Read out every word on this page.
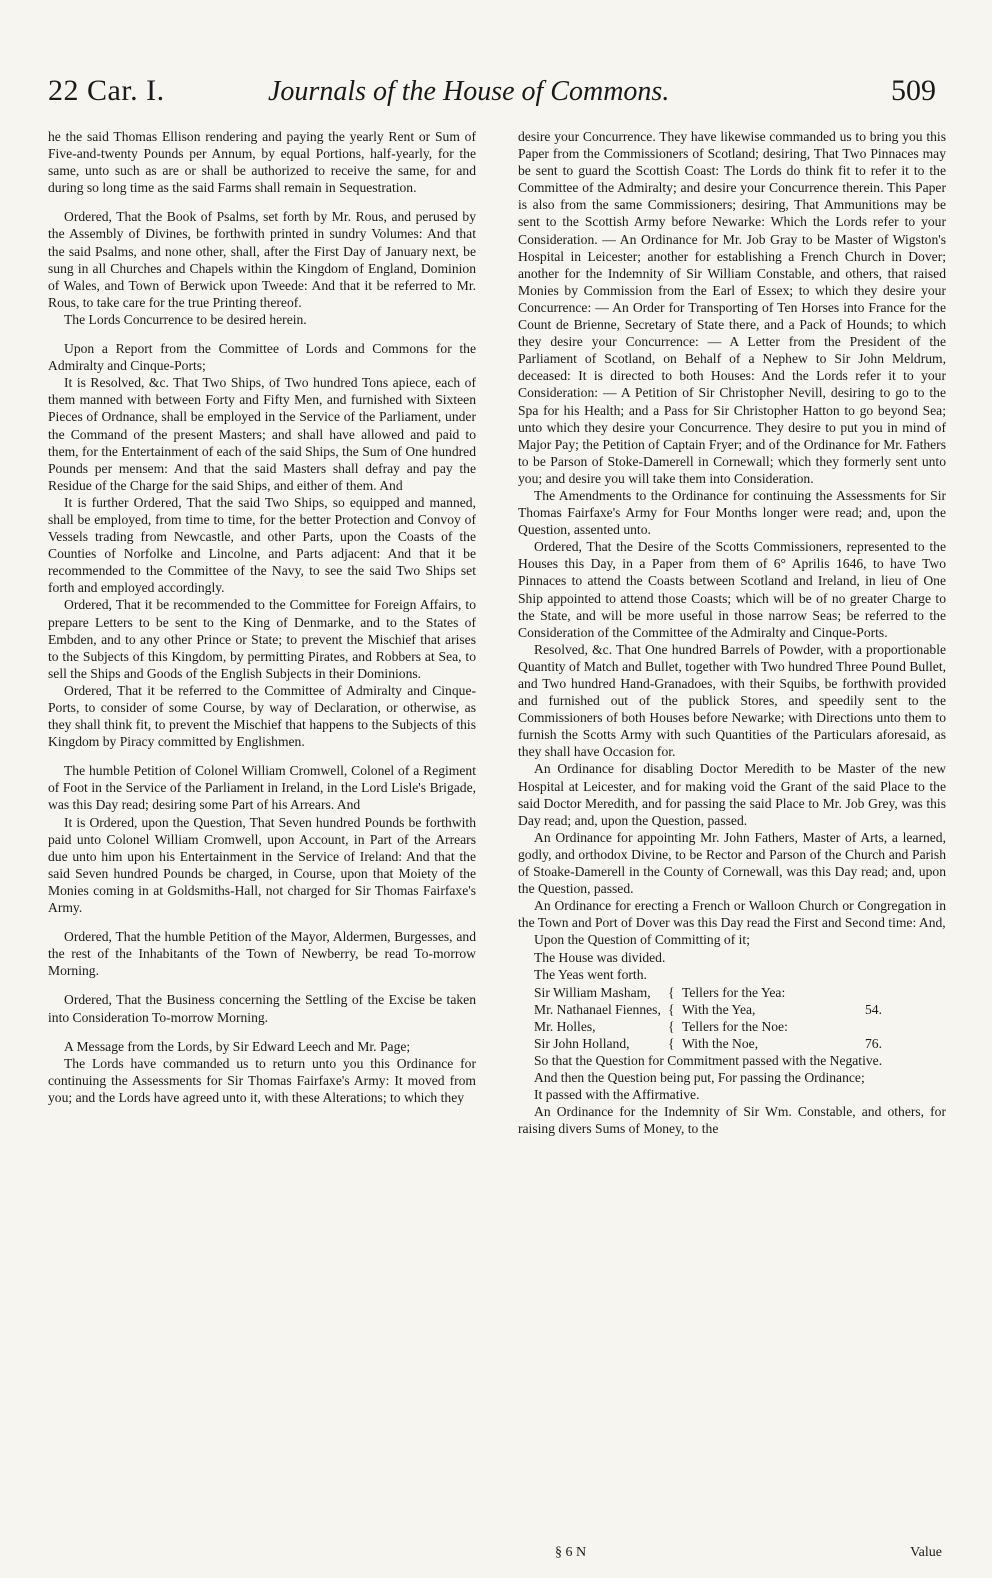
22 Car. I.	Journals of the House of Commons.	509

he the said Thomas Ellison rendering and paying the yearly Rent or Sum of Five-and-twenty Pounds per Annum, by equal Portions, half-yearly, for the same, unto such as are or shall be authorized to receive the same, for and during so long time as the said Farms shall remain in Sequestration.

Ordered, That the Book of Psalms, set forth by Mr. Rous, and perused by the Assembly of Divines, be forthwith printed in sundry Volumes: And that the said Psalms, and none other, shall, after the First Day of January next, be sung in all Churches and Chapels within the Kingdom of England, Dominion of Wales, and Town of Berwick upon Tweede: And that it be referred to Mr. Rous, to take care for the true Printing thereof.

The Lords Concurrence to be desired herein.

Upon a Report from the Committee of Lords and Commons for the Admiralty and Cinque-Ports;

It is Resolved, &c. That Two Ships, of Two hundred Tons apiece, each of them manned with between Forty and Fifty Men, and furnished with Sixteen Pieces of Ordnance, shall be employed in the Service of the Parliament, under the Command of the present Masters; and shall have allowed and paid to them, for the Entertainment of each of the said Ships, the Sum of One hundred Pounds per mensem: And that the said Masters shall defray and pay the Residue of the Charge for the said Ships, and either of them. And

It is further Ordered, That the said Two Ships, so equipped and manned, shall be employed, from time to time, for the better Protection and Convoy of Vessels trading from Newcastle, and other Parts, upon the Coasts of the Counties of Norfolke and Lincolne, and Parts adjacent: And that it be recommended to the Committee of the Navy, to see the said Two Ships set forth and employed accordingly.

Ordered, That it be recommended to the Committee for Foreign Affairs, to prepare Letters to be sent to the King of Denmarke, and to the States of Embden, and to any other Prince or State; to prevent the Mischief that arises to the Subjects of this Kingdom, by permitting Pirates, and Robbers at Sea, to sell the Ships and Goods of the English Subjects in their Dominions.

Ordered, That it be referred to the Committee of Admiralty and Cinque-Ports, to consider of some Course, by way of Declaration, or otherwise, as they shall think fit, to prevent the Mischief that happens to the Subjects of this Kingdom by Piracy committed by Englishmen.

The humble Petition of Colonel William Cromwell, Colonel of a Regiment of Foot in the Service of the Parliament in Ireland, in the Lord Lisle's Brigade, was this Day read; desiring some Part of his Arrears. And

It is Ordered, upon the Question, That Seven hundred Pounds be forthwith paid unto Colonel William Cromwell, upon Account, in Part of the Arrears due unto him upon his Entertainment in the Service of Ireland: And that the said Seven hundred Pounds be charged, in Course, upon that Moiety of the Monies coming in at Goldsmiths-Hall, not charged for Sir Thomas Fairfaxe's Army.

Ordered, That the humble Petition of the Mayor, Aldermen, Burgesses, and the rest of the Inhabitants of the Town of Newberry, be read To-morrow Morning.

Ordered, That the Business concerning the Settling of the Excise be taken into Consideration To-morrow Morning.

A Message from the Lords, by Sir Edward Leech and Mr. Page;

The Lords have commanded us to return unto you this Ordinance for continuing the Assessments for Sir Thomas Fairfaxe's Army: It moved from you; and the Lords have agreed unto it, with these Alterations; to which they

desire your Concurrence. They have likewise commanded us to bring you this Paper from the Commissioners of Scotland; desiring, That Two Pinnaces may be sent to guard the Scottish Coast: The Lords do think fit to refer it to the Committee of the Admiralty; and desire your Concurrence therein. This Paper is also from the same Commissioners; desiring, That Ammunitions may be sent to the Scottish Army before Newarke: Which the Lords refer to your Consideration. — An Ordinance for Mr. Job Gray to be Master of Wigston's Hospital in Leicester; another for establishing a French Church in Dover; another for the Indemnity of Sir William Constable, and others, that raised Monies by Commission from the Earl of Essex; to which they desire your Concurrence: — An Order for Transporting of Ten Horses into France for the Count de Brienne, Secretary of State there, and a Pack of Hounds; to which they desire your Concurrence: — A Letter from the President of the Parliament of Scotland, on Behalf of a Nephew to Sir John Meldrum, deceased: It is directed to both Houses: And the Lords refer it to your Consideration: — A Petition of Sir Christopher Nevill, desiring to go to the Spa for his Health; and a Pass for Sir Christopher Hatton to go beyond Sea; unto which they desire your Concurrence. They desire to put you in mind of Major Pay; the Petition of Captain Fryer; and of the Ordinance for Mr. Fathers to be Parson of Stoke-Damerell in Cornewall; which they formerly sent unto you; and desire you will take them into Consideration.

The Amendments to the Ordinance for continuing the Assessments for Sir Thomas Fairfaxe's Army for Four Months longer were read; and, upon the Question, assented unto.

Ordered, That the Desire of the Scotts Commissioners, represented to the Houses this Day, in a Paper from them of 6° Aprilis 1646, to have Two Pinnaces to attend the Coasts between Scotland and Ireland, in lieu of One Ship appointed to attend those Coasts; which will be of no greater Charge to the State, and will be more useful in those narrow Seas; be referred to the Consideration of the Committee of the Admiralty and Cinque-Ports.

Resolved, &c. That One hundred Barrels of Powder, with a proportionable Quantity of Match and Bullet, together with Two hundred Three Pound Bullet, and Two hundred Hand-Granadoes, with their Squibs, be forthwith provided and furnished out of the publick Stores, and speedily sent to the Commissioners of both Houses before Newarke; with Directions unto them to furnish the Scotts Army with such Quantities of the Particulars aforesaid, as they shall have Occasion for.

An Ordinance for disabling Doctor Meredith to be Master of the new Hospital at Leicester, and for making void the Grant of the said Place to the said Doctor Meredith, and for passing the said Place to Mr. Job Grey, was this Day read; and, upon the Question, passed.

An Ordinance for appointing Mr. John Fathers, Master of Arts, a learned, godly, and orthodox Divine, to be Rector and Parson of the Church and Parish of Stoake-Damerell in the County of Cornewall, was this Day read; and, upon the Question, passed.

An Ordinance for erecting a French or Walloon Church or Congregation in the Town and Port of Dover was this Day read the First and Second time: And,

Upon the Question of Committing of it;

The House was divided.

The Yeas went forth.

Sir William Masham,	{ Tellers for the Yea:
Mr. Nathanael Fiennes, { With the Yea,	54.
Mr. Holles,	{ Tellers for the Noe:
Sir John Holland,	{ With the Noe,	76.

So that the Question for Commitment passed with the Negative.

And then the Question being put, For passing the Ordinance;

It passed with the Affirmative.

An Ordinance for the Indemnity of Sir Wm. Constable, and others, for raising divers Sums of Money, to the

§ 6 N	Value
